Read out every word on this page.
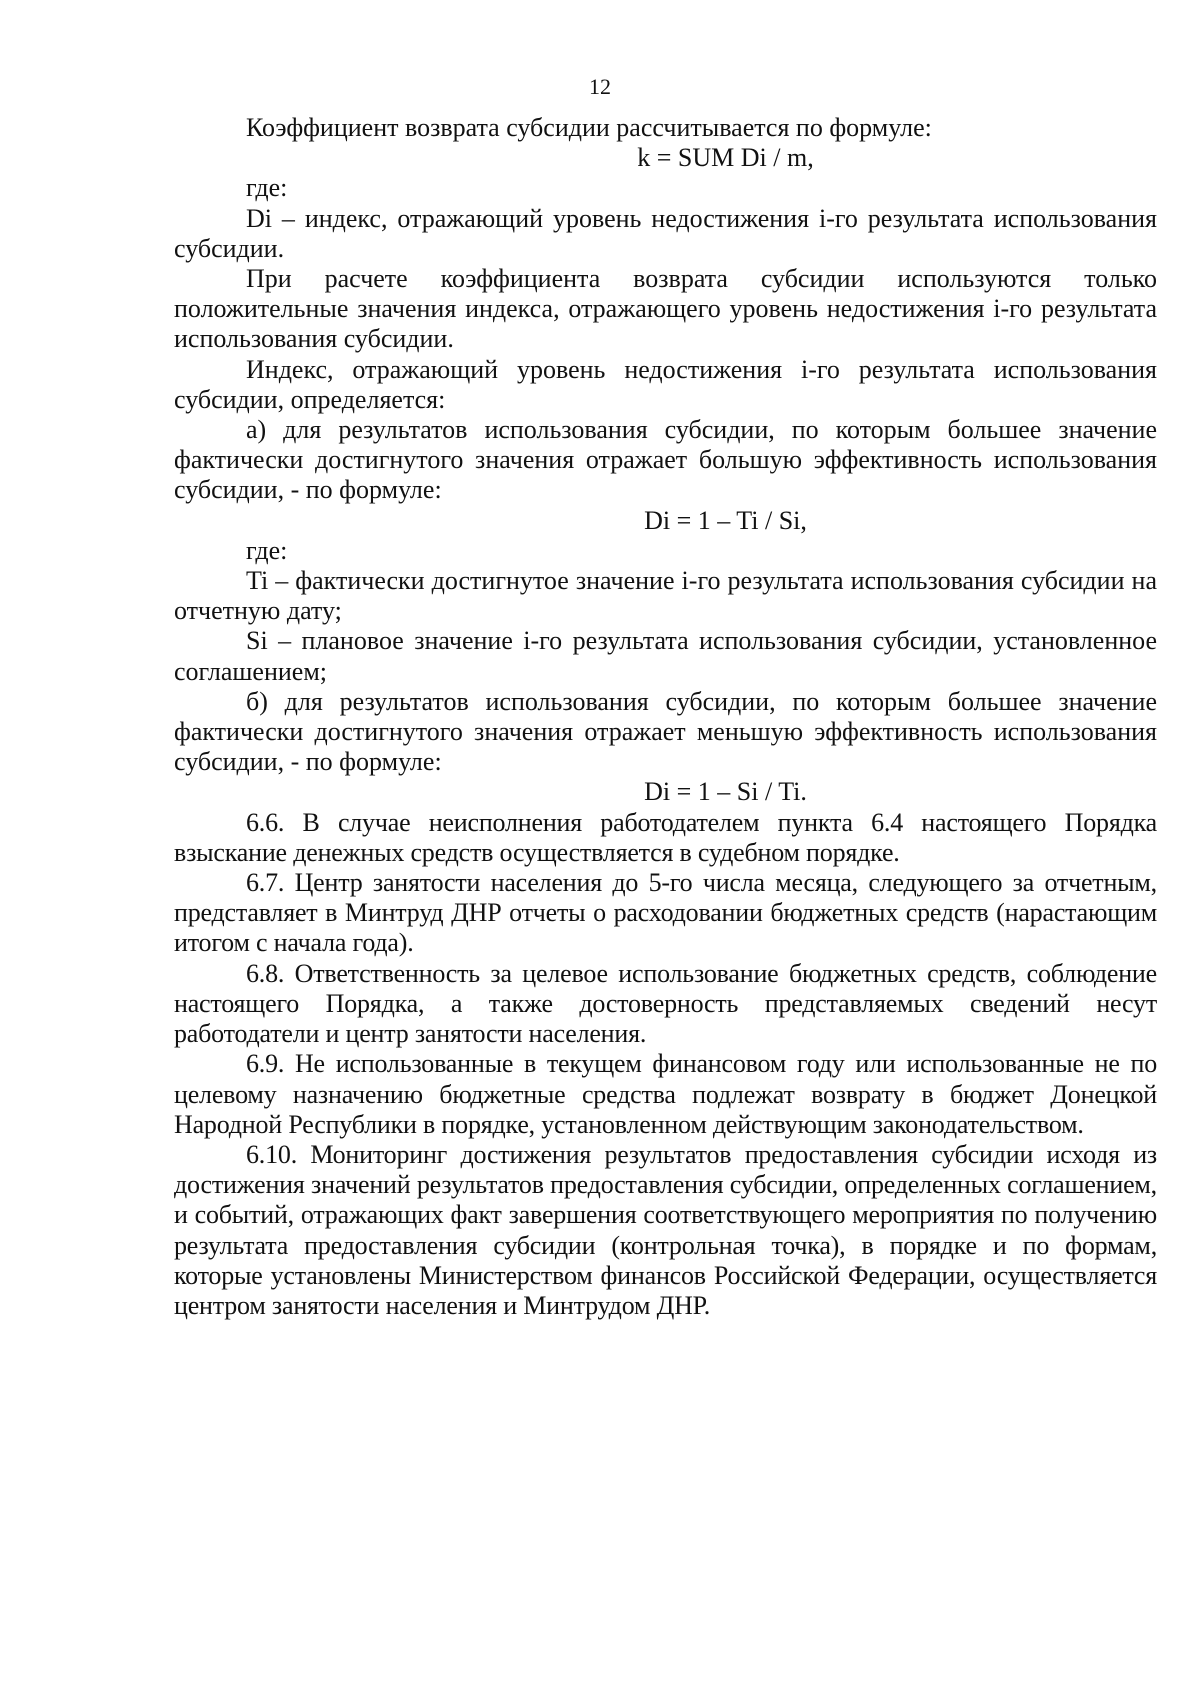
12

Коэффициент возврата субсидии рассчитывается по формуле:

k = SUM Di / m,

где:

Di – индекс, отражающий уровень недостижения i-го результата использования субсидии.

При расчете коэффициента возврата субсидии используются только положительные значения индекса, отражающего уровень недостижения i-го результата использования субсидии.

Индекс, отражающий уровень недостижения i-го результата использования субсидии, определяется:

а) для результатов использования субсидии, по которым большее значение фактически достигнутого значения отражает большую эффективность использования субсидии, - по формуле:

Di = 1 – Ti / Si,

где:

Ti – фактически достигнутое значение i-го результата использования субсидии на отчетную дату;

Si – плановое значение i-го результата использования субсидии, установленное соглашением;

б) для результатов использования субсидии, по которым большее значение фактически достигнутого значения отражает меньшую эффективность использования субсидии, - по формуле:

Di = 1 – Si / Ti.

6.6. В случае неисполнения работодателем пункта 6.4 настоящего Порядка взыскание денежных средств осуществляется в судебном порядке.

6.7. Центр занятости населения до 5-го числа месяца, следующего за отчетным, представляет в Минтруд ДНР отчеты о расходовании бюджетных средств (нарастающим итогом с начала года).

6.8. Ответственность за целевое использование бюджетных средств, соблюдение настоящего Порядка, а также достоверность представляемых сведений несут работодатели и центр занятости населения.

6.9. Не использованные в текущем финансовом году или использованные не по целевому назначению бюджетные средства подлежат возврату в бюджет Донецкой Народной Республики в порядке, установленном действующим законодательством.

6.10. Мониторинг достижения результатов предоставления субсидии исходя из достижения значений результатов предоставления субсидии, определенных соглашением, и событий, отражающих факт завершения соответствующего мероприятия по получению результата предоставления субсидии (контрольная точка), в порядке и по формам, которые установлены Министерством финансов Российской Федерации, осуществляется центром занятости населения и Минтрудом ДНР.
